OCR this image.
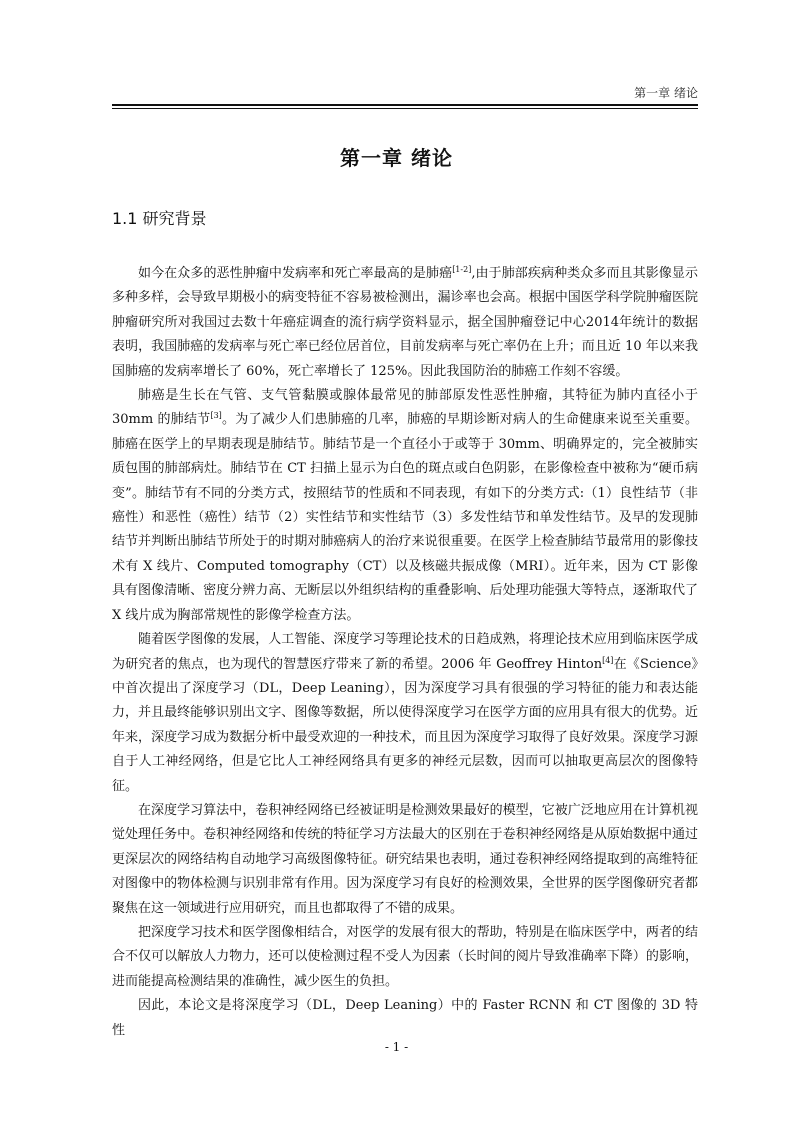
第一章 绪论
第一章 绪论
1.1 研究背景

如今在众多的恶性肿瘤中发病率和死亡率最高的是肺癌[1-2],由于肺部疾病种类众多而且其影像显示多种多样，会导致早期极小的病变特征不容易被检测出，漏诊率也会高。根据中国医学科学院肿瘤医院肿瘤研究所对我国过去数十年癌症调查的流行病学资料显示，据全国肿瘤登记中心2014年统计的数据表明，我国肺癌的发病率与死亡率已经位居首位，目前发病率与死亡率仍在上升；而且近 10 年以来我国肺癌的发病率增长了 60%，死亡率增长了 125%。因此我国防治的肺癌工作刻不容缓。

肺癌是生长在气管、支气管黏膜或腺体最常见的肺部原发性恶性肿瘤，其特征为肺内直径小于 30mm 的肺结节[3]。为了减少人们患肺癌的几率，肺癌的早期诊断对病人的生命健康来说至关重要。肺癌在医学上的早期表现是肺结节。肺结节是一个直径小于或等于 30mm、明确界定的，完全被肺实质包围的肺部病灶。肺结节在 CT 扫描上显示为白色的斑点或白色阴影，在影像检查中被称为“硬币病变”。肺结节有不同的分类方式，按照结节的性质和不同表现，有如下的分类方式:（1）良性结节（非癌性）和恶性（癌性）结节（2）实性结节和实性结节（3）多发性结节和单发性结节。及早的发现肺结节并判断出肺结节所处于的时期对肺癌病人的治疗来说很重要。在医学上检查肺结节最常用的影像技术有 X 线片、Computed tomography（CT）以及核磁共振成像（MRI）。近年来，因为 CT 影像具有图像清晰、密度分辨力高、无断层以外组织结构的重叠影响、后处理功能强大等特点，逐渐取代了 X 线片成为胸部常规性的影像学检查方法。

随着医学图像的发展，人工智能、深度学习等理论技术的日趋成熟，将理论技术应用到临床医学成为研究者的焦点，也为现代的智慧医疗带来了新的希望。2006 年 Geoffrey Hinton[4]在《Science》中首次提出了深度学习（DL，Deep Leaning），因为深度学习具有很强的学习特征的能力和表达能力，并且最终能够识别出文字、图像等数据，所以使得深度学习在医学方面的应用具有很大的优势。近年来，深度学习成为数据分析中最受欢迎的一种技术，而且因为深度学习取得了良好效果。深度学习源自于人工神经网络，但是它比人工神经网络具有更多的神经元层数，因而可以抽取更高层次的图像特征。

在深度学习算法中，卷积神经网络已经被证明是检测效果最好的模型，它被广泛地应用在计算机视觉处理任务中。卷积神经网络和传统的特征学习方法最大的区别在于卷积神经网络是从原始数据中通过更深层次的网络结构自动地学习高级图像特征。研究结果也表明，通过卷积神经网络提取到的高维特征对图像中的物体检测与识别非常有作用。因为深度学习有良好的检测效果，全世界的医学图像研究者都聚焦在这一领域进行应用研究，而且也都取得了不错的成果。

把深度学习技术和医学图像相结合，对医学的发展有很大的帮助，特别是在临床医学中，两者的结合不仅可以解放人力物力，还可以使检测过程不受人为因素（长时间的阅片导致准确率下降）的影响，进而能提高检测结果的准确性，减少医生的负担。

因此，本论文是将深度学习（DL，Deep Leaning）中的 Faster RCNN 和 CT 图像的 3D 特性

- 1 -
